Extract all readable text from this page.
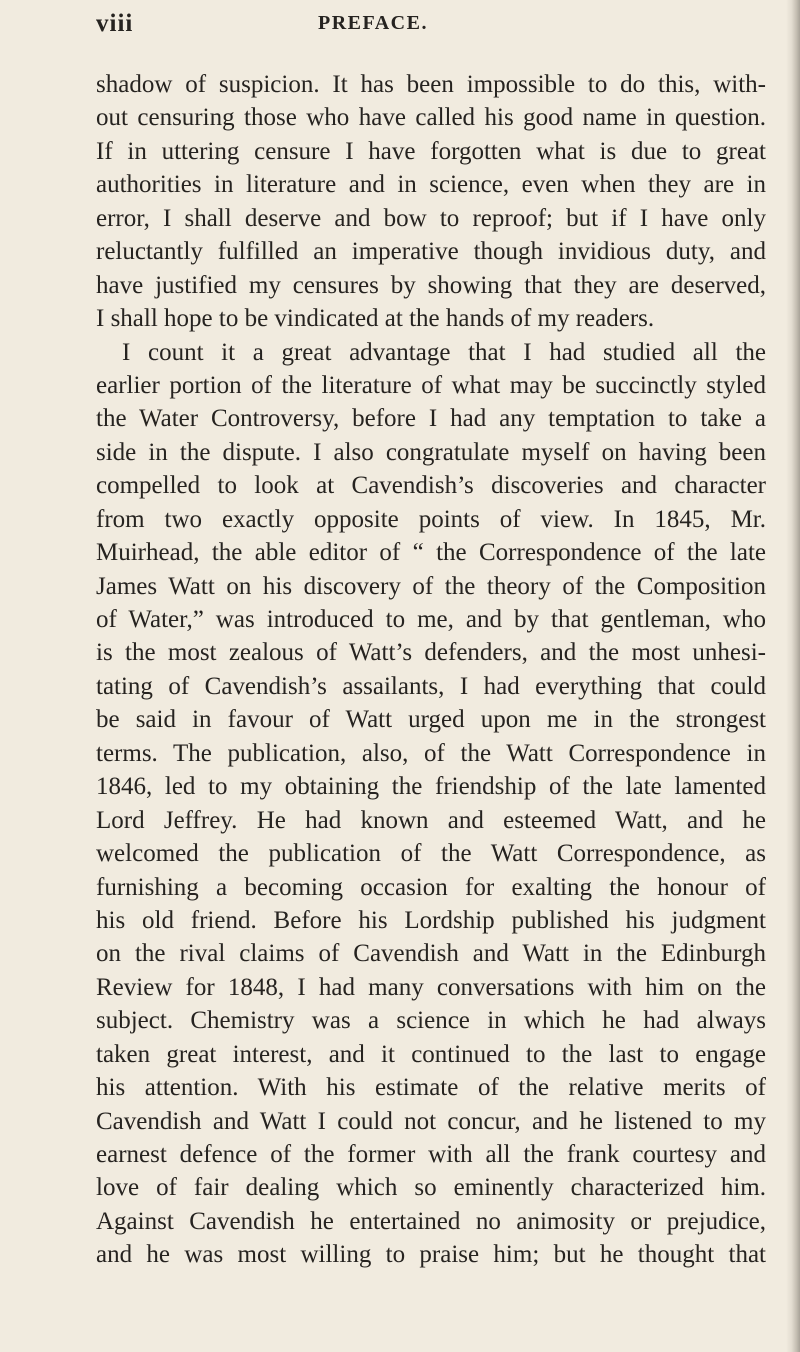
viii	PREFACE.
shadow of suspicion. It has been impossible to do this, with-
out censuring those who have called his good name in question.
If in uttering censure I have forgotten what is due to great
authorities in literature and in science, even when they are in
error, I shall deserve and bow to reproof; but if I have only
reluctantly fulfilled an imperative though invidious duty, and
have justified my censures by showing that they are deserved,
I shall hope to be vindicated at the hands of my readers.
I count it a great advantage that I had studied all the
earlier portion of the literature of what may be succinctly styled
the Water Controversy, before I had any temptation to take a
side in the dispute. I also congratulate myself on having been
compelled to look at Cavendish’s discoveries and character
from two exactly opposite points of view. In 1845, Mr.
Muirhead, the able editor of “ the Correspondence of the late
James Watt on his discovery of the theory of the Composition
of Water,” was introduced to me, and by that gentleman, who
is the most zealous of Watt’s defenders, and the most unhesi-
tating of Cavendish’s assailants, I had everything that could
be said in favour of Watt urged upon me in the strongest
terms. The publication, also, of the Watt Correspondence in
1846, led to my obtaining the friendship of the late lamented
Lord Jeffrey. He had known and esteemed Watt, and he
welcomed the publication of the Watt Correspondence, as
furnishing a becoming occasion for exalting the honour of
his old friend. Before his Lordship published his judgment
on the rival claims of Cavendish and Watt in the Edinburgh
Review for 1848, I had many conversations with him on the
subject. Chemistry was a science in which he had always
taken great interest, and it continued to the last to engage
his attention. With his estimate of the relative merits of
Cavendish and Watt I could not concur, and he listened to my
earnest defence of the former with all the frank courtesy and
love of fair dealing which so eminently characterized him.
Against Cavendish he entertained no animosity or prejudice,
and he was most willing to praise him; but he thought that
